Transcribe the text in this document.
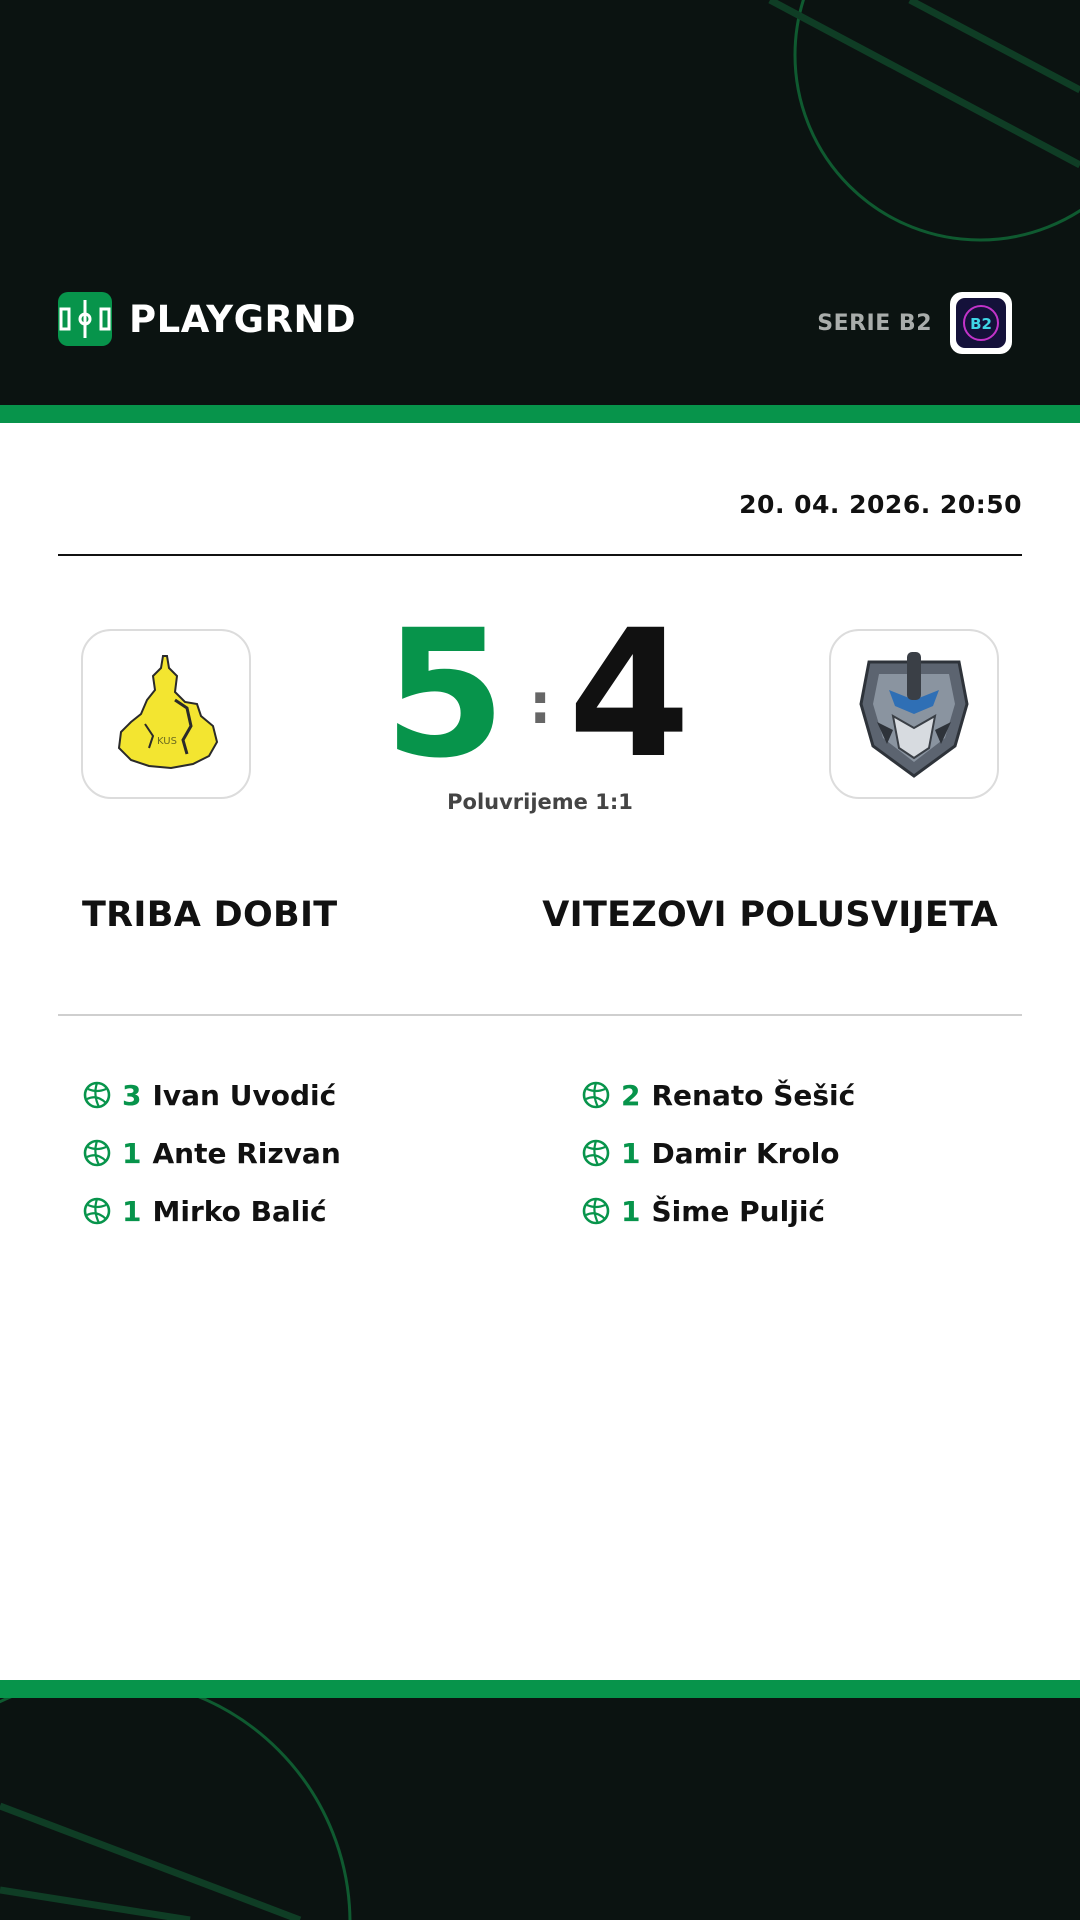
PLAYGRND	SERIE B2	B2
20. 04. 2026. 20:50
KUS 5 : 4
Poluvrijeme 1:1
TRIBA DOBIT	VITEZOVI POLUSVIJETA
3 Ivan Uvodić
1 Ante Rizvan
1 Mirko Balić
2 Renato Šešić
1 Damir Krolo
1 Šime Puljić
